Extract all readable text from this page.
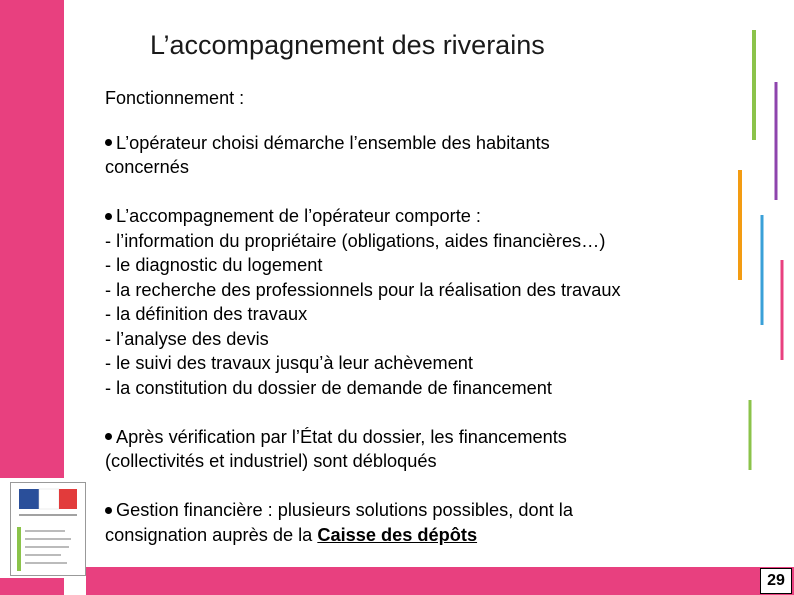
L’accompagnement des riverains

Fonctionnement :

L’opérateur choisi démarche l’ensemble des habitants
concernés

L’accompagnement de l’opérateur comporte :
- l’information du propriétaire (obligations, aides financières…)
- le diagnostic du logement
- la recherche des professionnels pour la réalisation des travaux
- la définition des travaux
- l’analyse des devis
- le suivi des travaux jusqu’à leur achèvement
- la constitution du dossier de demande de financement

Après vérification par l’État du dossier, les financements
(collectivités et industriel) sont débloqués

Gestion financière : plusieurs solutions possibles, dont la
consignation auprès de la Caisse des dépôts

29
